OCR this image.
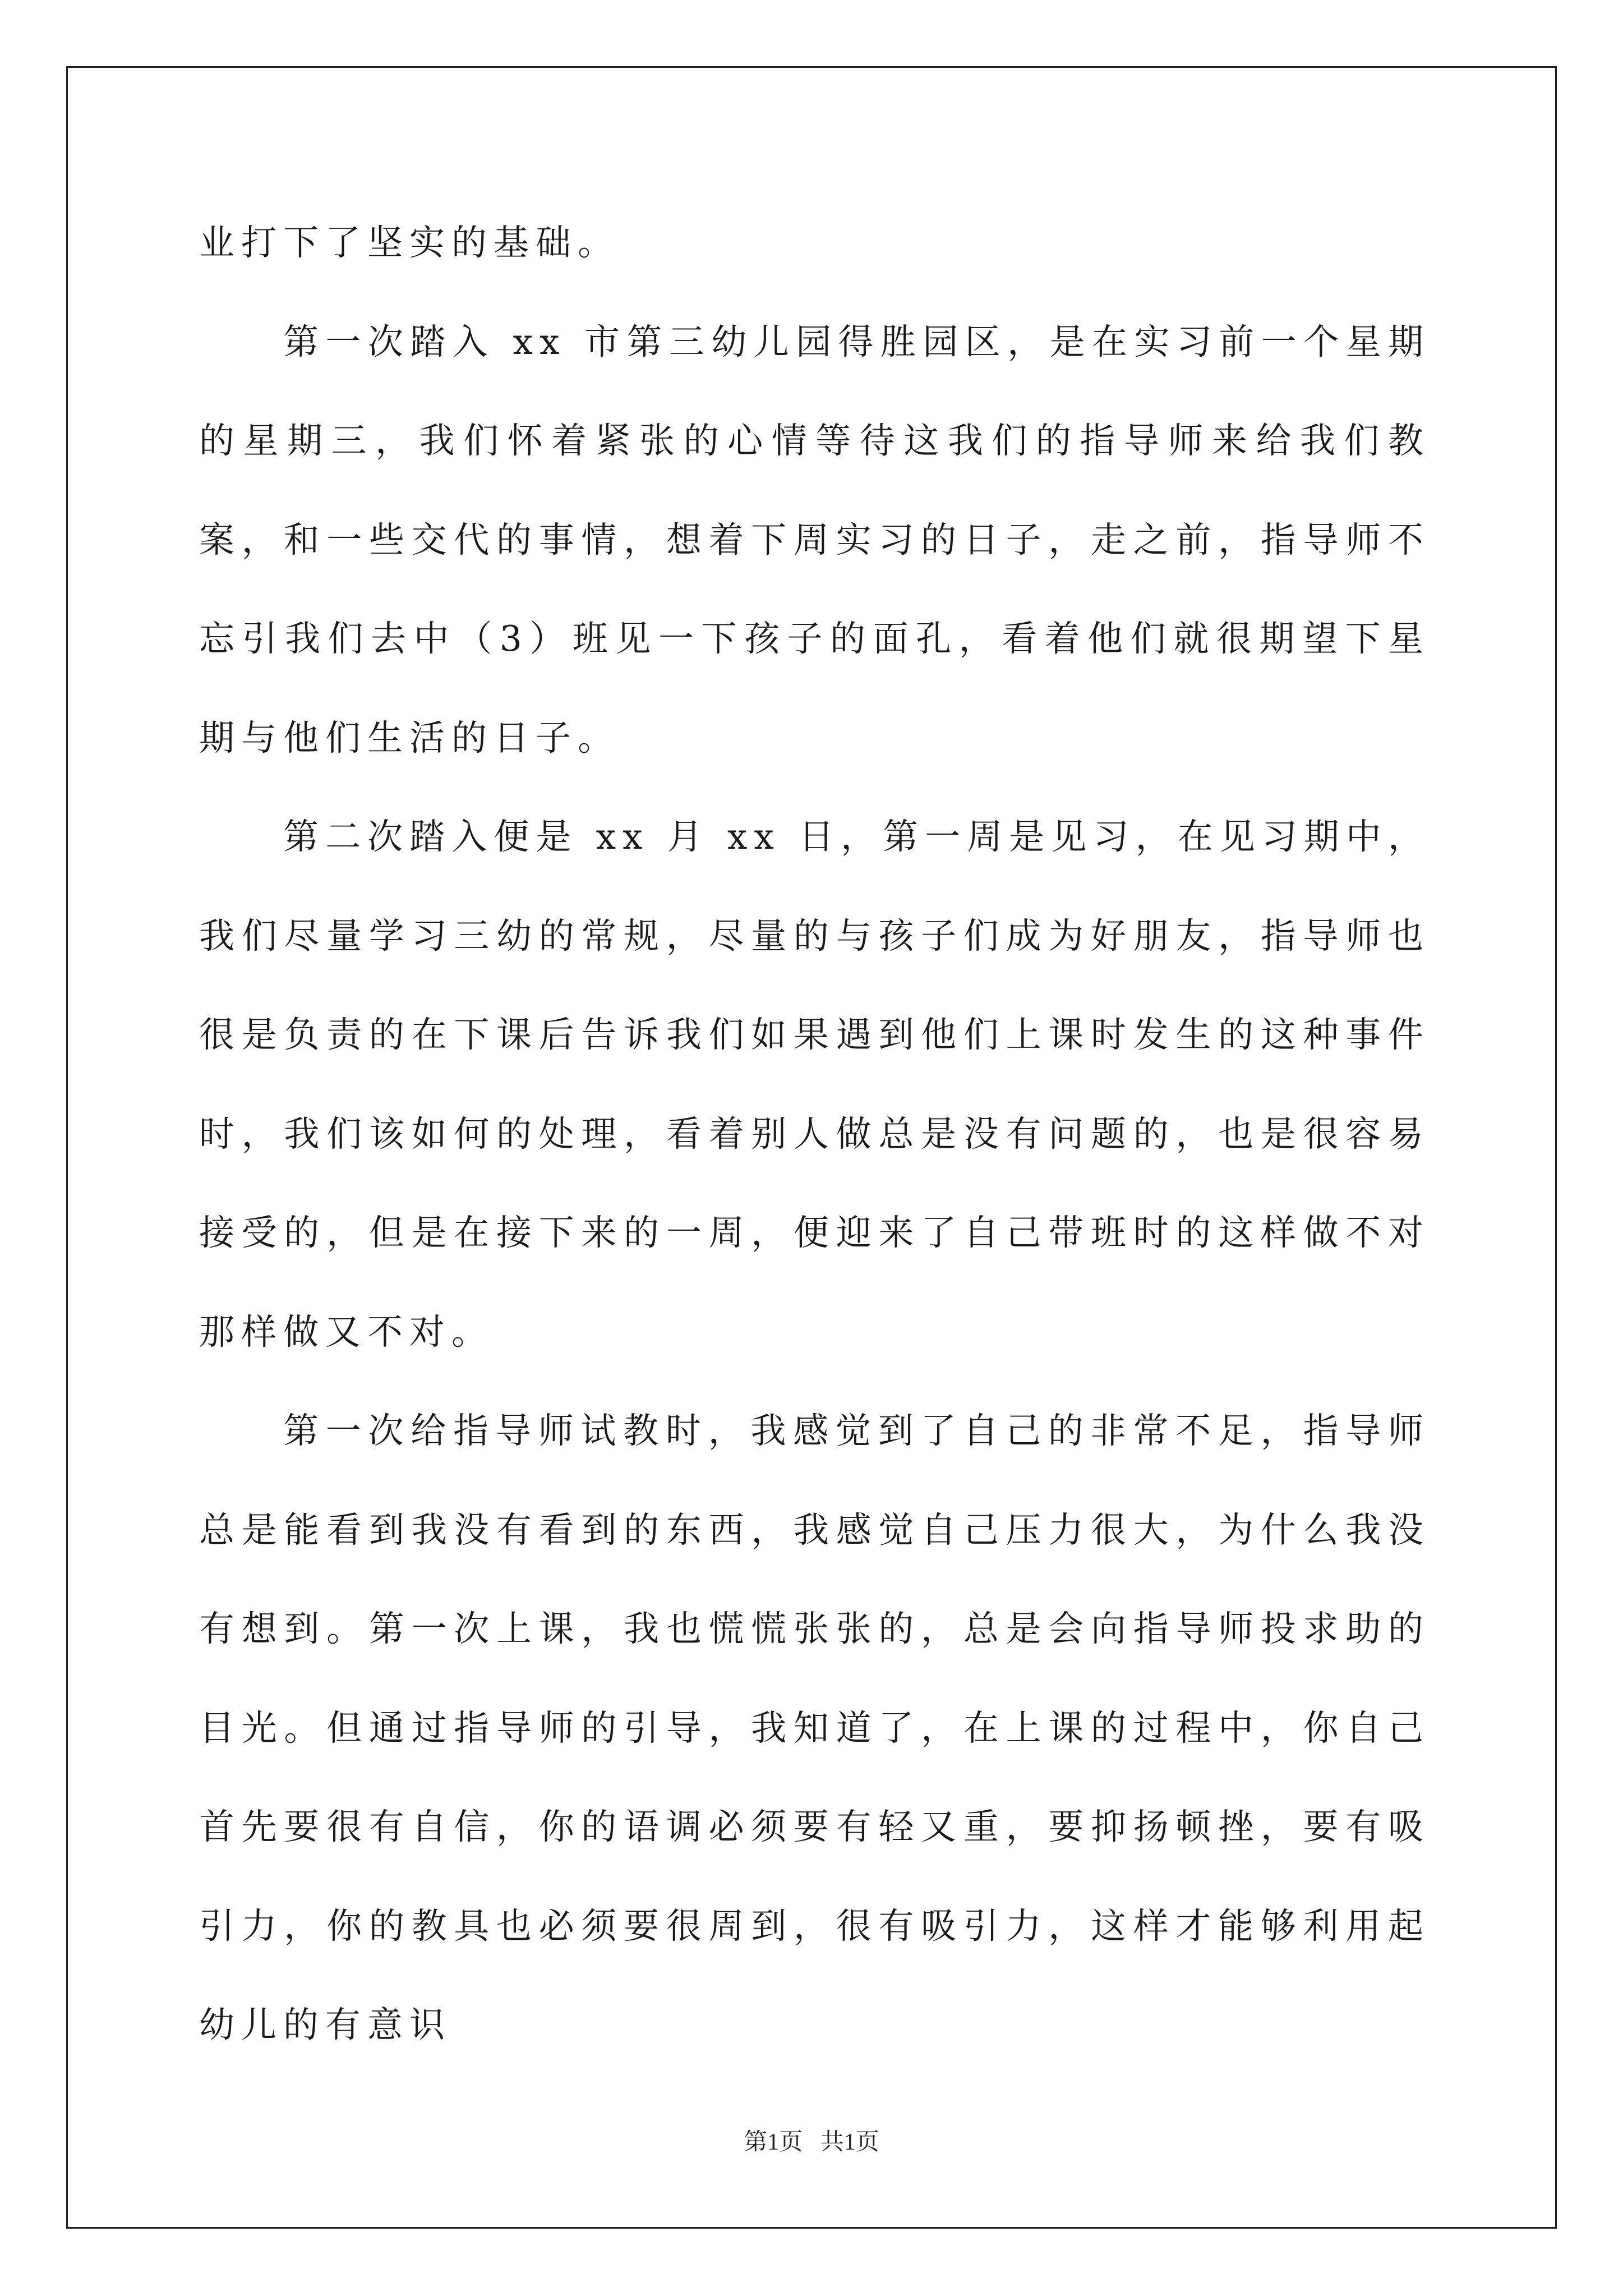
业打下了坚实的基础。

第一次踏入 xx 市第三幼儿园得胜园区，是在实习前一个星期的星期三，我们怀着紧张的心情等待这我们的指导师来给我们教案，和一些交代的事情，想着下周实习的日子，走之前，指导师不忘引我们去中（3）班见一下孩子的面孔，看着他们就很期望下星期与他们生活的日子。

第二次踏入便是 xx 月 xx 日，第一周是见习，在见习期中，我们尽量学习三幼的常规，尽量的与孩子们成为好朋友，指导师也很是负责的在下课后告诉我们如果遇到他们上课时发生的这种事件时，我们该如何的处理，看着别人做总是没有问题的，也是很容易接受的，但是在接下来的一周，便迎来了自己带班时的这样做不对那样做又不对。

第一次给指导师试教时，我感觉到了自己的非常不足，指导师总是能看到我没有看到的东西，我感觉自己压力很大，为什么我没有想到。第一次上课，我也慌慌张张的，总是会向指导师投求助的目光。但通过指导师的引导，我知道了，在上课的过程中，你自己首先要很有自信，你的语调必须要有轻又重，要抑扬顿挫，要有吸引力，你的教具也必须要很周到，很有吸引力，这样才能够利用起幼儿的有意识

第1页   共1页
